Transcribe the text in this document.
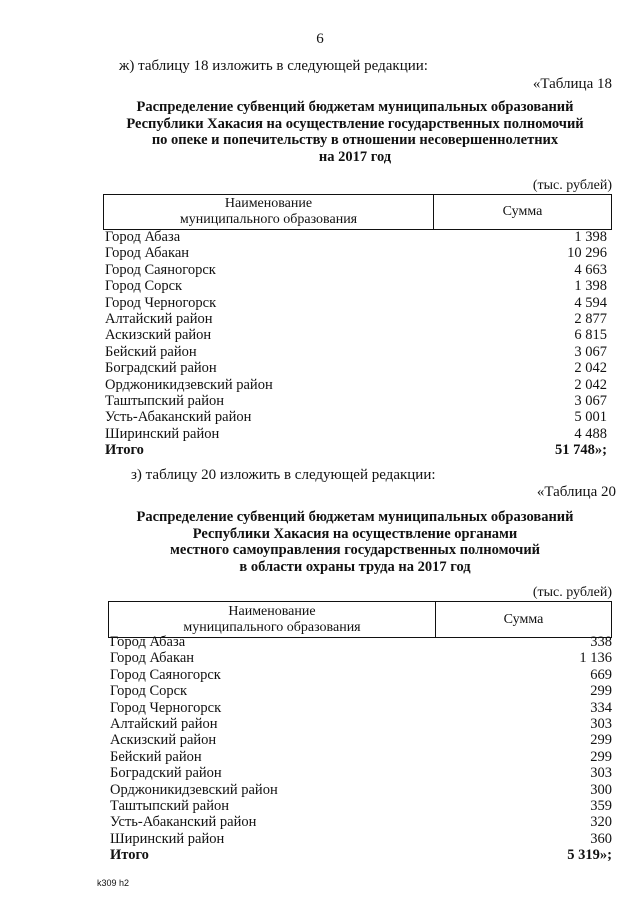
6
ж) таблицу 18 изложить в следующей редакции:
«Таблица 18
Распределение субвенций бюджетам муниципальных образований
Республики Хакасия на осуществление государственных полномочий
по опеке и попечительству в отношении несовершеннолетних
на 2017 год
(тыс. рублей)
Наименование
муниципального образования
Сумма
Город Абаза	1 398
Город Абакан	10 296
Город Саяногорск	4 663
Город Сорск	1 398
Город Черногорск	4 594
Алтайский район	2 877
Аскизский район	6 815
Бейский район	3 067
Боградский район	2 042
Орджоникидзевский район	2 042
Таштыпский район	3 067
Усть-Абаканский район	5 001
Ширинский район	4 488
Итого	51 748»;
з) таблицу 20 изложить в следующей редакции:
«Таблица 20
Распределение субвенций бюджетам муниципальных образований
Республики Хакасия на осуществление органами
местного самоуправления государственных полномочий
в области охраны труда на 2017 год
(тыс. рублей)
Наименование
муниципального образования
Сумма
Город Абаза	338
Город Абакан	1 136
Город Саяногорск	669
Город Сорск	299
Город Черногорск	334
Алтайский район	303
Аскизский район	299
Бейский район	299
Боградский район	303
Орджоникидзевский район	300
Таштыпский район	359
Усть-Абаканский район	320
Ширинский район	360
Итого	5 319»;
k309 h2
